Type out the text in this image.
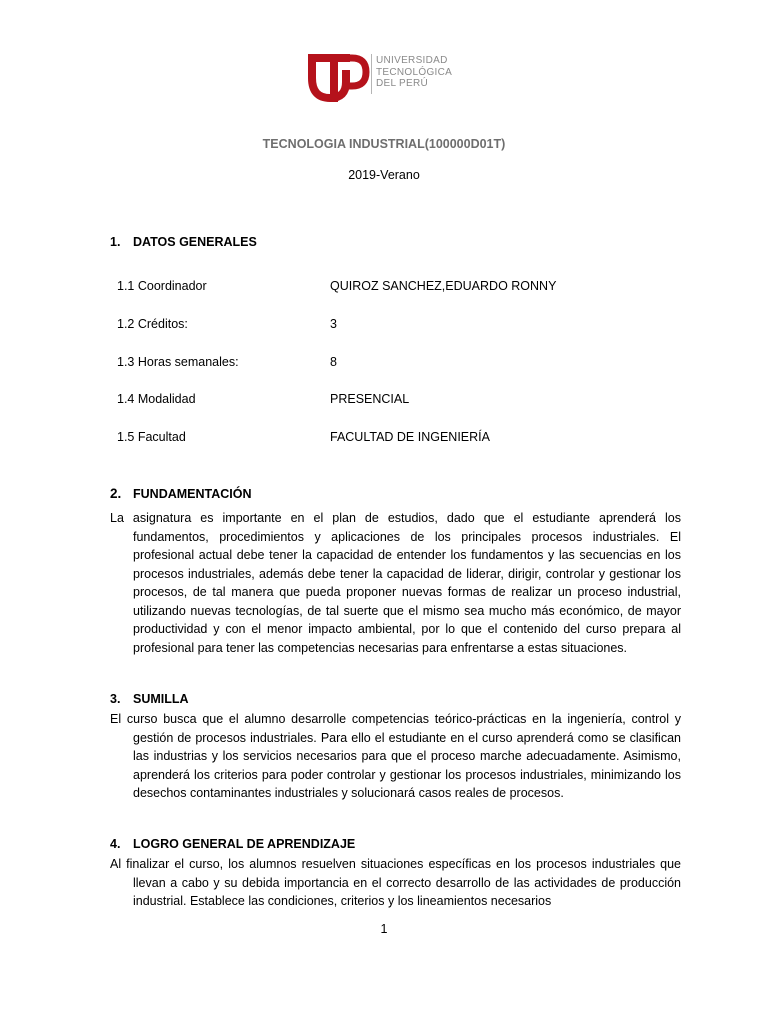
UNIVERSIDAD
TECNOLÓGICA
DEL PERÚ
TECNOLOGIA INDUSTRIAL(100000D01T)
2019-Verano
1. DATOS GENERALES
1.1 Coordinador	QUIROZ SANCHEZ,EDUARDO RONNY
1.2 Créditos:	3
1.3 Horas semanales:	8
1.4 Modalidad	PRESENCIAL
1.5 Facultad	FACULTAD DE INGENIERÍA
2. FUNDAMENTACIÓN
La asignatura es importante en el plan de estudios, dado que el estudiante aprenderá los fundamentos, procedimientos y aplicaciones de los principales procesos industriales. El profesional actual debe tener la capacidad de entender los fundamentos y las secuencias en los procesos industriales, además debe tener la capacidad de liderar, dirigir, controlar y gestionar los procesos, de tal manera que pueda proponer nuevas formas de realizar un proceso industrial, utilizando nuevas tecnologías, de tal suerte que el mismo sea mucho más económico, de mayor productividad y con el menor impacto ambiental, por lo que el contenido del curso prepara al profesional para tener las competencias necesarias para enfrentarse a estas situaciones.
3. SUMILLA
El curso busca que el alumno desarrolle competencias teórico-prácticas en la ingeniería, control y gestión de procesos industriales. Para ello el estudiante en el curso aprenderá como se clasifican las industrias y los servicios necesarios para que el proceso marche adecuadamente. Asimismo, aprenderá los criterios para poder controlar y gestionar los procesos industriales, minimizando los desechos contaminantes industriales y solucionará casos reales de procesos.
4. LOGRO GENERAL DE APRENDIZAJE
Al finalizar el curso, los alumnos resuelven situaciones específicas en los procesos industriales que llevan a cabo y su debida importancia en el correcto desarrollo de las actividades de producción industrial. Establece las condiciones, criterios y los lineamientos necesarios
1
